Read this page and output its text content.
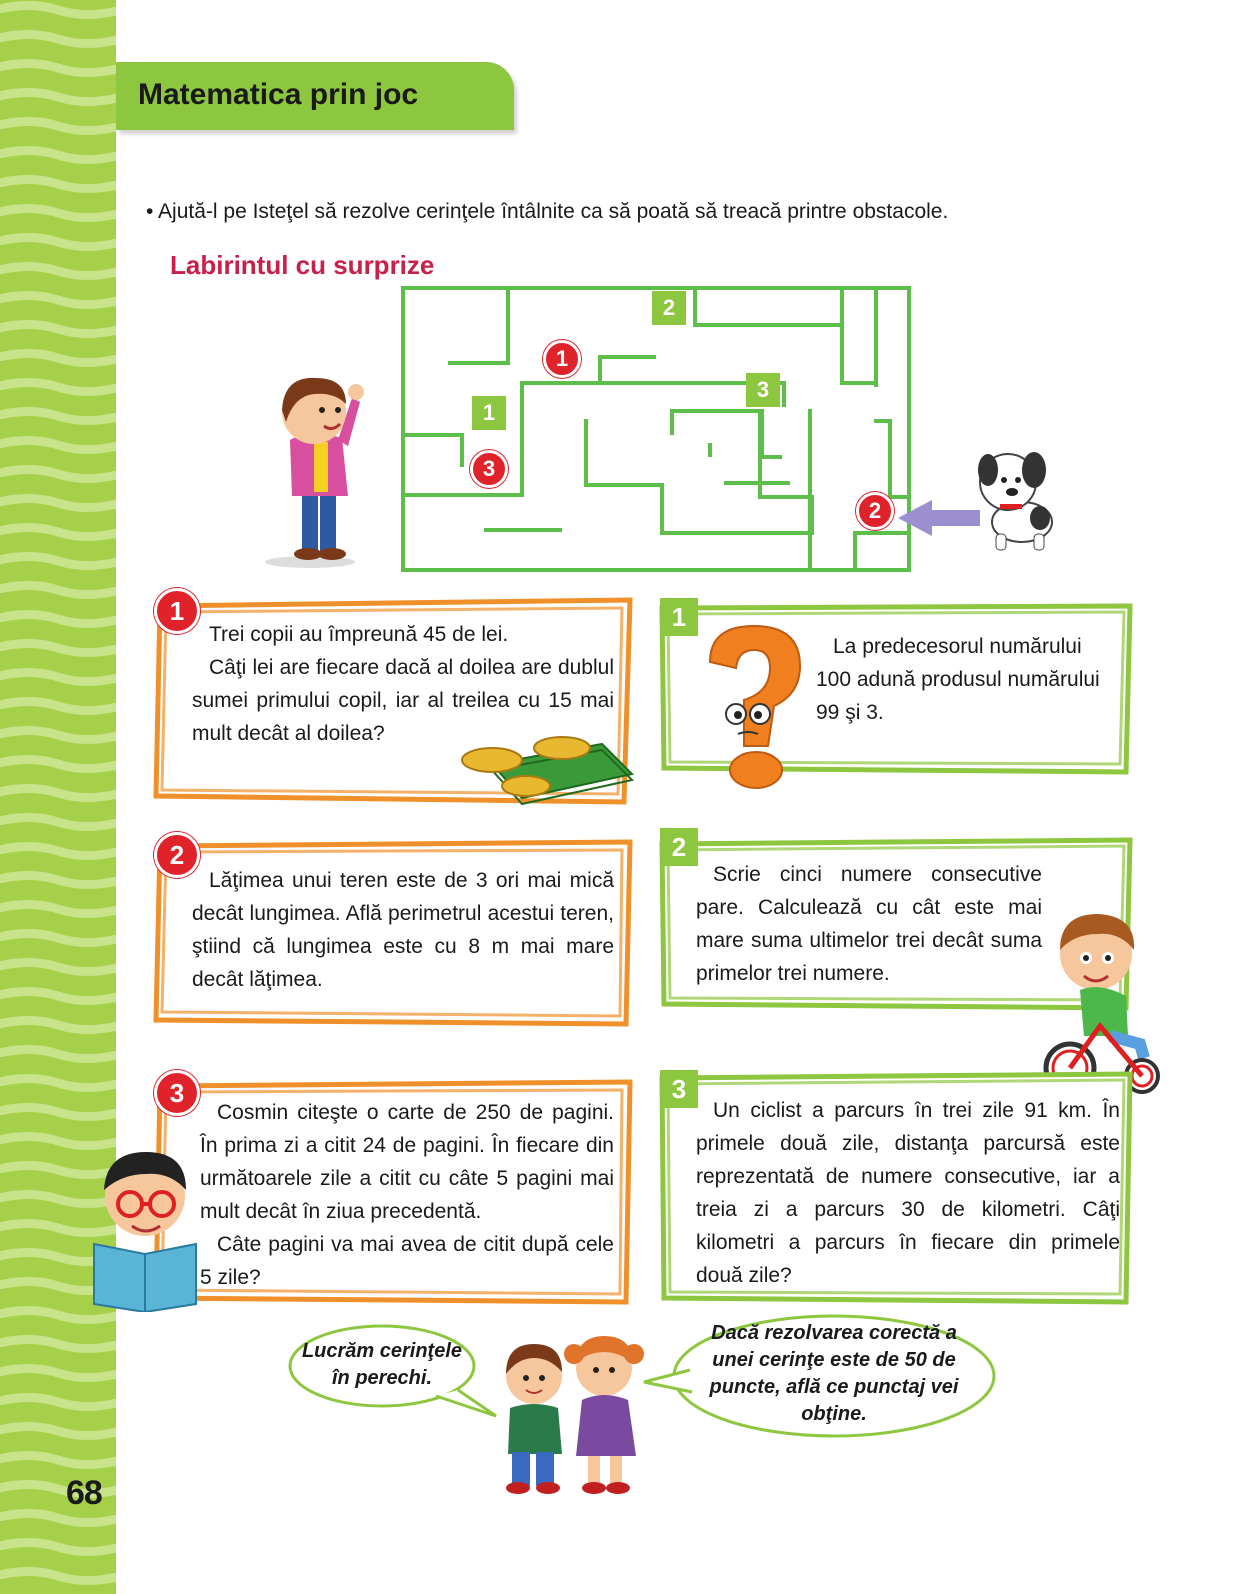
68
Matematica prin joc
• Ajută-l pe Isteţel să rezolve cerinţele întâlnite ca să poată să treacă printre obstacole.
Labirintul cu surprize
1
3
2
1
2
3
Trei copii au împreună 45 de lei.
Câţi lei are fiecare dacă al doilea are dublul sumei primului copil, iar al treilea cu 15 mai mult decât al doilea?
1
Lăţimea unui teren este de 3 ori mai mică decât lungimea. Află perimetrul acestui teren, ştiind că lungimea este cu 8 m mai mare decât lăţimea.
2
Cosmin citeşte o carte de 250 de pagini. În prima zi a citit 24 de pagini. În fiecare din următoarele zile a citit cu câte 5 pagini mai mult decât în ziua precedentă.
Câte pagini va mai avea de citit după cele 5 zile?
3
La predecesorul numărului 100 adună produsul numărului 99 şi 3.
1
Scrie cinci numere consecutive pare. Calculează cu cât este mai mare suma ultimelor trei decât suma primelor trei numere.
2
Un ciclist a parcurs în trei zile 91 km. În primele două zile, distanţa parcursă este reprezentată de numere consecutive, iar a treia zi a parcurs 30 de kilometri. Câţi kilometri a parcurs în fiecare din primele două zile?
3
Lucrăm cerinţele în perechi.
Dacă rezolvarea corectă a unei cerinţe este de 50 de puncte, află ce punctaj vei obţine.
